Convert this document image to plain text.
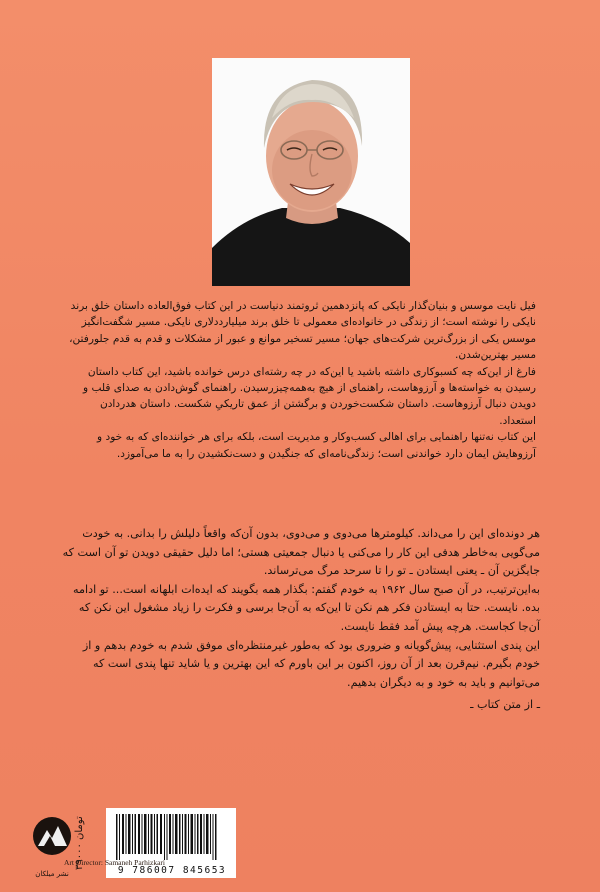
فیل نایت موسس و بنیان‌گذار نایکی که پانزدهمین ثروتمند دنیاست در این کتاب فوق‌العاده داستان خلق برند نایکی را نوشته است؛ از زندگی در خانواده‌ای معمولی تا خلق برند میلیارددلاری نایکی. مسیر شگفت‌انگیز موسس یکی از بزرگ‌ترین شرکت‌های جهان؛ مسیر تسخیر موانع و عبور از مشکلات و قدم به قدم جلورفتن، مسیر بهترین‌شدن.

فارغ از این‌که چه کسبوکاری داشته باشید یا این‌که در چه رشته‌ای درس خوانده باشید، این کتاب داستان رسیدن به خواسته‌ها و آرزوهاست، راهنمای از هیچ به‌همه‌چیزرسیدن. راهنمای گوش‌دادن به صدای قلب و دویدن دنبال آرزوهاست. داستان شکست‌خوردن و برگشتن از عمق تاریکیِ شکست. داستان هدردادن استعداد.

این کتاب نه‌تنها راهنمایی برای اهالی کسب‌وکار و مدیریت است، بلکه برای هر خواننده‌ای که به خود و آرزوهایش ایمان دارد خواندنی است؛ زندگی‌نامه‌ای که جنگیدن و دست‌نکشیدن را به ما می‌آموزد.

هر دونده‌ای این را می‌داند. کیلومترها می‌دوی و می‌دوی، بدون آن‌که واقعاً دلیلش را بدانی. به خودت می‌گویی به‌خاطر هدفی این کار را می‌کنی یا دنبال جمعیتی هستی؛ اما دلیل حقیقی دویدن تو آن است که جایگزین آن ـ یعنی ایستادن ـ تو را تا سرحد مرگ می‌ترساند.

به‌این‌ترتیب، در آن صبح سال ۱۹۶۲ به خودم گفتم: بگذار همه بگویند که ایده‌ات ابلهانه است... تو ادامه بده. نایست. حتا به ایستادن فکر هم نکن تا این‌که به آن‌جا برسی و فکرت را زیاد مشغول این نکن که آن‌جا کجاست. هرچه پیش آمد فقط نایست.

این پندی استثنایی، پیش‌گویانه و ضروری بود که به‌طور غیرمنتظره‌ای موفق شدم به خودم بدهم و از خودم بگیرم. نیم‌قرن بعد از آن روز، اکنون بر این باورم که این بهترین و یا شاید تنها پندی است که می‌توانیم و باید به خود و به دیگران بدهیم.

ـ از متن کتاب ـ

نشر میلکان
۳۹۰۰۰ تومان
9 786007 845653
Art Director: Samaneh Parhizkari
